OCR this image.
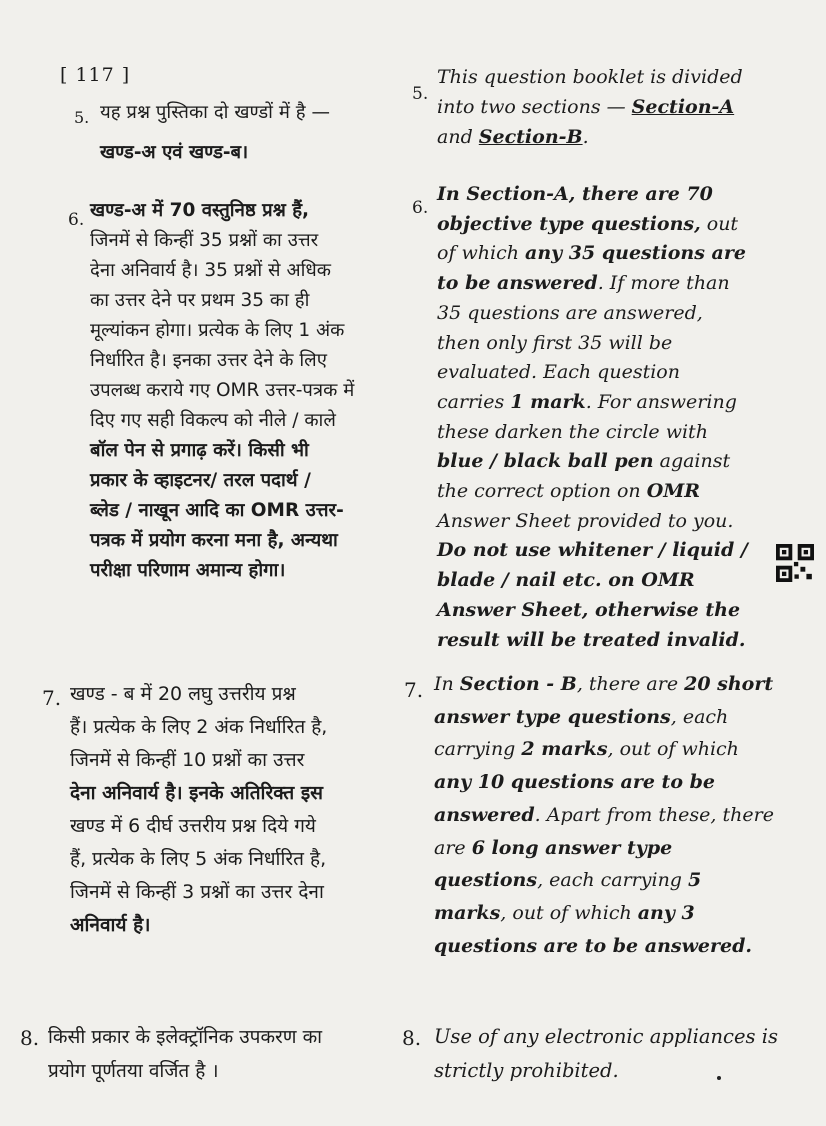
[ 117 ]
5. यह प्रश्न पुस्तिका दो खण्डों में है —
खण्ड-अ एवं खण्ड-ब।
5.
This question booklet is divided into two sections — Section-A and Section-B.
6. खण्ड-अ में 70 वस्तुनिष्ठ प्रश्न हैं,
जिनमें से किन्हीं 35 प्रश्नों का उत्तर
देना अनिवार्य है। 35 प्रश्नों से अधिक
का उत्तर देने पर प्रथम 35 का ही
मूल्यांकन होगा। प्रत्येक के लिए 1 अंक
निर्धारित है। इनका उत्तर देने के लिए
उपलब्ध कराये गए OMR उत्तर-पत्रक में
दिए गए सही विकल्प को नीले / काले
बॉल पेन से प्रगाढ़ करें। किसी भी
प्रकार के व्हाइटनर/ तरल पदार्थ /
ब्लेड / नाखून आदि का OMR उत्तर-
पत्रक में प्रयोग करना मना है, अन्यथा
परीक्षा परिणाम अमान्य होगा।
6.
In Section-A, there are 70 objective type questions, out of which any 35 questions are to be answered. If more than 35 questions are answered, then only first 35 will be evaluated. Each question carries 1 mark. For answering these darken the circle with blue / black ball pen against the correct option on OMR Answer Sheet provided to you. Do not use whitener / liquid / blade / nail etc. on OMR Answer Sheet, otherwise the result will be treated invalid.
7. खण्ड - ब में 20 लघु उत्तरीय प्रश्न
हैं। प्रत्येक के लिए 2 अंक निर्धारित है,
जिनमें से किन्हीं 10 प्रश्नों का उत्तर
देना अनिवार्य है। इनके अतिरिक्त इस
खण्ड में 6 दीर्घ उत्तरीय प्रश्न दिये गये
हैं, प्रत्येक के लिए 5 अंक निर्धारित है,
जिनमें से किन्हीं 3 प्रश्नों का उत्तर देना
अनिवार्य है।
7. In Section - B, there are 20 short answer type questions, each carrying 2 marks, out of which any 10 questions are to be answered. Apart from these, there are 6 long answer type questions, each carrying 5 marks, out of which any 3 questions are to be answered.
8. किसी प्रकार के इलेक्ट्रॉनिक उपकरण का
प्रयोग पूर्णतया वर्जित है ।
8. Use of any electronic appliances is strictly prohibited.
